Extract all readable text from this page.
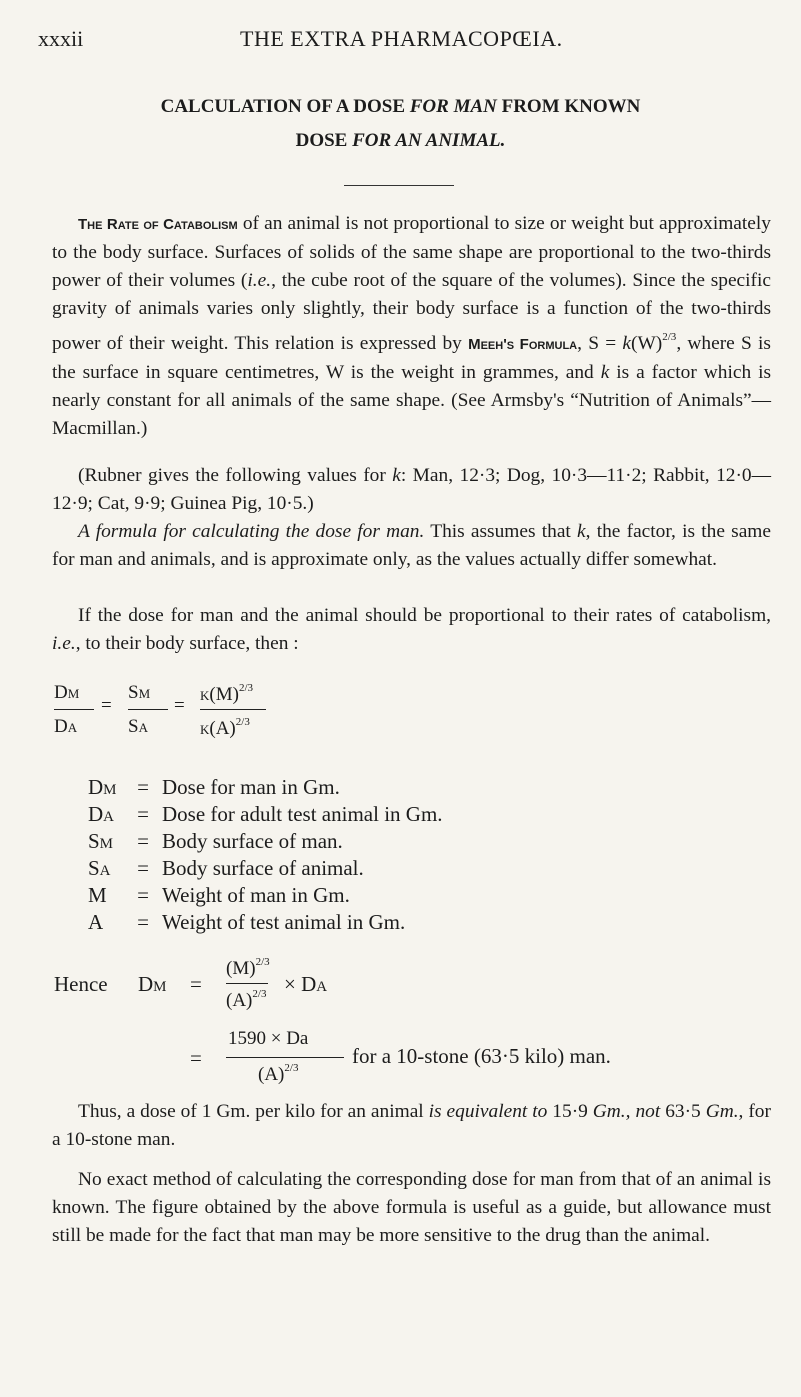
xxxii	THE EXTRA PHARMACOPŒIA.
CALCULATION OF A DOSE FOR MAN FROM KNOWN
DOSE FOR AN ANIMAL.

The Rate of Catabolism of an animal is not proportional to size or weight but approximately to the body surface. Surfaces of solids of the same shape are proportional to the two-thirds power of their volumes (i.e., the cube root of the square of the volumes). Since the specific gravity of animals varies only slightly, their body surface is a function of the two-thirds power of their weight. This relation is expressed by Meeh's Formula, $S = k(W)^{2/3}$, where S is the surface in square centimetres, W is the weight in grammes, and k is a factor which is nearly constant for all animals of the same shape. (See Armsby's “Nutrition of Animals”—Macmillan.)

(Rubner gives the following values for k: Man, 12·3; Dog, 10·3—11·2; Rabbit, 12·0—12·9; Cat, 9·9; Guinea Pig, 10·5.)

A formula for calculating the dose for man. This assumes that k, the factor, is the same for man and animals, and is approximate only, as the values actually differ somewhat.

If the dose for man and the animal should be proportional to their rates of catabolism, i.e., to their body surface, then :

Dm
Da
=
Sm
Sa
=
$k(M)^{2/3}$
$k(A)^{2/3}$
Dm = Dose for man in Gm.
Da = Dose for adult test animal in Gm.
Sm = Body surface of man.
Sa = Body surface of animal.
M = Weight of man in Gm.
A = Weight of test animal in Gm.
Hence Dm =
$(M)^{2/3}$
$(A)^{2/3} \times Da$
=
1590 × Da
$(A)^{2/3}$	for a 10-stone (63·5 kilo) man.

Thus, a dose of 1 Gm. per kilo for an animal is equivalent to 15·9 Gm., not 63·5 Gm., for a 10-stone man.

No exact method of calculating the corresponding dose for man from that of an animal is known. The figure obtained by the above formula is useful as a guide, but allowance must still be made for the fact that man may be more sensitive to the drug than the animal.
